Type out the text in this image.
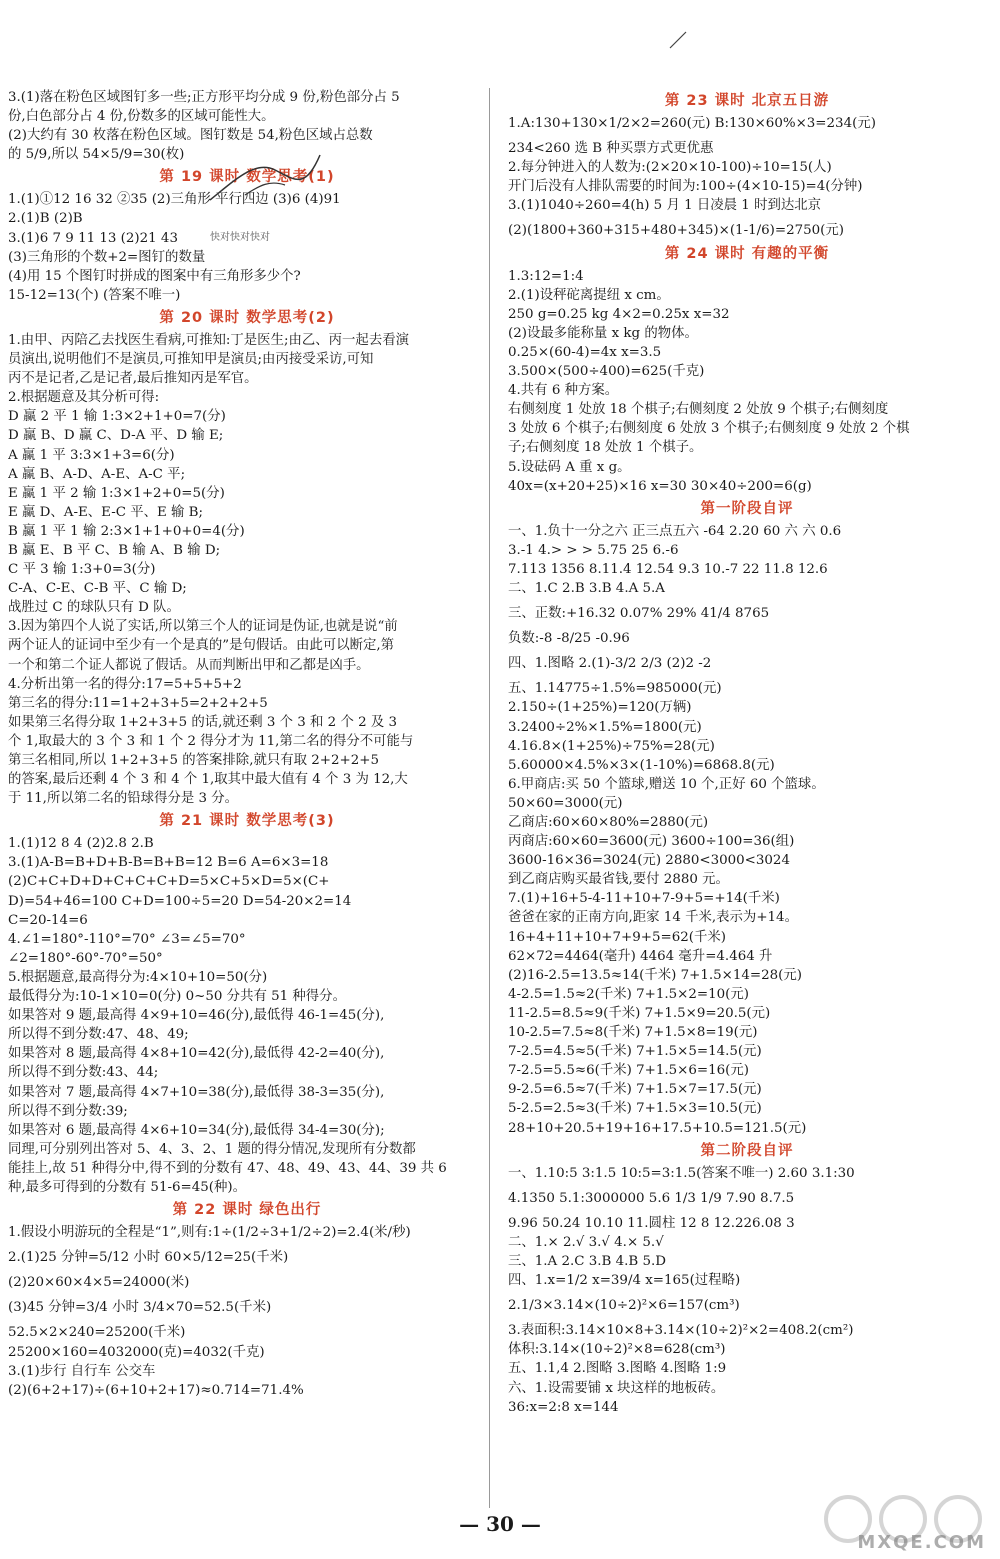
3.(1)落在粉色区域图钉多一些;正方形平均分成 9 份,粉色部分占 5
份,白色部分占 4 份,份数多的区域可能性大。
(2)大约有 30 枚落在粉色区域。图钉数是 54,粉色区域占总数
的 5/9,所以 54×5/9=30(枚)
第 19 课时 数学思考(1)
1.(1)①12 16 32 ②35 (2)三角形 平行四边 (3)6 (4)91
2.(1)B (2)B
3.(1)6 7 9 11 13 (2)21 43
(3)三角形的个数+2=图钉的数量
(4)用 15 个图钉时拼成的图案中有三角形多少个?
15-12=13(个) (答案不唯一)
第 20 课时 数学思考(2)
1.由甲、丙陪乙去找医生看病,可推知:丁是医生;由乙、丙一起去看演
员演出,说明他们不是演员,可推知甲是演员;由丙接受采访,可知
丙不是记者,乙是记者,最后推知丙是军官。
2.根据题意及其分析可得:
D 赢 2 平 1 输 1:3×2+1+0=7(分)
D 赢 B、D 赢 C、D-A 平、D 输 E;
A 赢 1 平 3:3×1+3=6(分)
A 赢 B、A-D、A-E、A-C 平;
E 赢 1 平 2 输 1:3×1+2+0=5(分)
E 赢 D、A-E、E-C 平、E 输 B;
B 赢 1 平 1 输 2:3×1+1+0+0=4(分)
B 赢 E、B 平 C、B 输 A、B 输 D;
C 平 3 输 1:3+0=3(分)
C-A、C-E、C-B 平、C 输 D;
战胜过 C 的球队只有 D 队。
3.因为第四个人说了实话,所以第三个人的证词是伪证,也就是说“前
两个证人的证词中至少有一个是真的”是句假话。由此可以断定,第
一个和第二个证人都说了假话。从而判断出甲和乙都是凶手。
4.分析出第一名的得分:17=5+5+5+2
第三名的得分:11=1+2+3+5=2+2+2+5
如果第三名得分取 1+2+3+5 的话,就还剩 3 个 3 和 2 个 2 及 3
个 1,取最大的 3 个 3 和 1 个 2 得分才为 11,第二名的得分不可能与
第三名相同,所以 1+2+3+5 的答案排除,就只有取 2+2+2+5
的答案,最后还剩 4 个 3 和 4 个 1,取其中最大值有 4 个 3 为 12,大
于 11,所以第二名的铅球得分是 3 分。
第 21 课时 数学思考(3)
1.(1)12 8 4 (2)2.8 2.B
3.(1)A-B=B+D+B-B=B+B=12 B=6 A=6×3=18
(2)C+C+D+D+C+C+C+D=5×C+5×D=5×(C+
D)=54+46=100 C+D=100÷5=20 D=54-20×2=14
C=20-14=6
4.∠1=180°-110°=70° ∠3=∠5=70°
∠2=180°-60°-70°=50°
5.根据题意,最高得分为:4×10+10=50(分)
最低得分为:10-1×10=0(分) 0~50 分共有 51 种得分。
如果答对 9 题,最高得 4×9+10=46(分),最低得 46-1=45(分),
所以得不到分数:47、48、49;
如果答对 8 题,最高得 4×8+10=42(分),最低得 42-2=40(分),
所以得不到分数:43、44;
如果答对 7 题,最高得 4×7+10=38(分),最低得 38-3=35(分),
所以得不到分数:39;
如果答对 6 题,最高得 4×6+10=34(分),最低得 34-4=30(分);
同理,可分别列出答对 5、4、3、2、1 题的得分情况,发现所有分数都
能挂上,故 51 种得分中,得不到的分数有 47、48、49、43、44、39 共 6
种,最多可得到的分数有 51-6=45(种)。
第 22 课时 绿色出行
1.假设小明游玩的全程是“1”,则有:1÷(1/2÷3+1/2÷2)=2.4(米/秒)
2.(1)25 分钟=5/12 小时 60×5/12=25(千米)
(2)20×60×4×5=24000(米)
(3)45 分钟=3/4 小时 3/4×70=52.5(千米)
52.5×2×240=25200(千米)
25200×160=4032000(克)=4032(千克)
3.(1)步行 自行车 公交车
(2)(6+2+17)÷(6+10+2+17)≈0.714=71.4%
第 23 课时 北京五日游
1.A:130+130×1/2×2=260(元) B:130×60%×3=234(元)
234<260 选 B 种买票方式更优惠
2.每分钟进入的人数为:(2×20×10-100)÷10=15(人)
开门后没有人排队需要的时间为:100÷(4×10-15)=4(分钟)
3.(1)1040÷260=4(h) 5 月 1 日凌晨 1 时到达北京
(2)(1800+360+315+480+345)×(1-1/6)=2750(元)
第 24 课时 有趣的平衡
1.3:12=1:4
2.(1)设秤砣离提纽 x cm。
250 g=0.25 kg 4×2=0.25x x=32
(2)设最多能称量 x kg 的物体。
0.25×(60-4)=4x x=3.5
3.500×(500÷400)=625(千克)
4.共有 6 种方案。
右侧刻度 1 处放 18 个棋子;右侧刻度 2 处放 9 个棋子;右侧刻度
3 处放 6 个棋子;右侧刻度 6 处放 3 个棋子;右侧刻度 9 处放 2 个棋
子;右侧刻度 18 处放 1 个棋子。
5.设砝码 A 重 x g。
40x=(x+20+25)×16 x=30 30×40÷200=6(g)
第一阶段自评
一、1.负十一分之六 正三点五六 -64 2.20 60 六 六 0.6
3.-1 4.> > > 5.75 25 6.-6
7.113 1356 8.11.4 12.54 9.3 10.-7 22 11.8 12.6
二、1.C 2.B 3.B 4.A 5.A
三、正数:+16.32 0.07% 29% 41/4 8765
负数:-8 -8/25 -0.96
四、1.图略 2.(1)-3/2 2/3 (2)2 -2
五、1.14775÷1.5%=985000(元)
2.150÷(1+25%)=120(万辆)
3.2400÷2%×1.5%=1800(元)
4.16.8×(1+25%)÷75%=28(元)
5.60000×4.5%×3×(1-10%)=6868.8(元)
6.甲商店:买 50 个篮球,赠送 10 个,正好 60 个篮球。
50×60=3000(元)
乙商店:60×60×80%=2880(元)
丙商店:60×60=3600(元) 3600÷100=36(组)
3600-16×36=3024(元) 2880<3000<3024
到乙商店购买最省钱,要付 2880 元。
7.(1)+16+5-4-11+10+7-9+5=+14(千米)
爸爸在家的正南方向,距家 14 千米,表示为+14。
16+4+11+10+7+9+5=62(千米)
62×72=4464(毫升) 4464 毫升=4.464 升
(2)16-2.5=13.5≈14(千米) 7+1.5×14=28(元)
4-2.5=1.5≈2(千米) 7+1.5×2=10(元)
11-2.5=8.5≈9(千米) 7+1.5×9=20.5(元)
10-2.5=7.5≈8(千米) 7+1.5×8=19(元)
7-2.5=4.5≈5(千米) 7+1.5×5=14.5(元)
7-2.5=5.5≈6(千米) 7+1.5×6=16(元)
9-2.5=6.5≈7(千米) 7+1.5×7=17.5(元)
5-2.5=2.5≈3(千米) 7+1.5×3=10.5(元)
28+10+20.5+19+16+17.5+10.5=121.5(元)
第二阶段自评
一、1.10:5 3:1.5 10:5=3:1.5(答案不唯一) 2.60 3.1:30
4.1350 5.1:3000000 5.6 1/3 1/9 7.90 8.7.5
9.96 50.24 10.10 11.圆柱 12 8 12.226.08 3
二、1.× 2.√ 3.√ 4.× 5.√
三、1.A 2.C 3.B 4.B 5.D
四、1.x=1/2 x=39/4 x=165(过程略)
2.1/3×3.14×(10÷2)²×6=157(cm³)
3.表面积:3.14×10×8+3.14×(10÷2)²×2=408.2(cm²)
体积:3.14×(10÷2)²×8=628(cm³)
五、1.1,4 2.图略 3.图略 4.图略 1:9
六、1.设需要铺 x 块这样的地板砖。
36:x=2:8 x=144
快对快对快对
— 30 —
MXQE.COM
